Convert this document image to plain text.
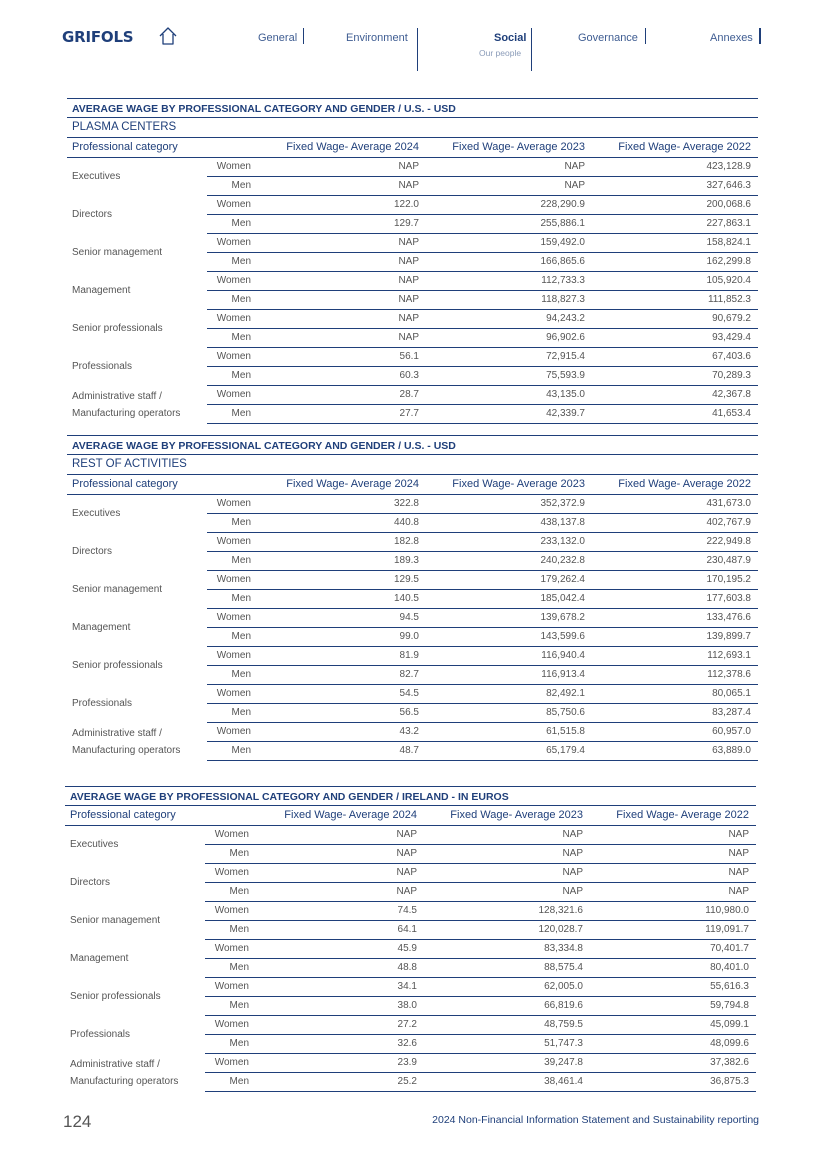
GRIFOLS	General	Environment	Social
Our people
Governance	Annexes
AVERAGE WAGE BY PROFESSIONAL CATEGORY AND GENDER / U.S. - USD
PLASMA CENTERS
Professional category	Fixed Wage- Average 2024	Fixed Wage- Average 2023	Fixed Wage- Average 2022
Executives
Women	NAP	NAP	423,128.9
Men	NAP	NAP	327,646.3
Directors
Women	122.0	228,290.9	200,068.6
Men	129.7	255,886.1	227,863.1
Senior management
Women	NAP	159,492.0	158,824.1
Men	NAP	166,865.6	162,299.8
Management
Women	NAP	112,733.3	105,920.4
Men	NAP	118,827.3	111,852.3
Senior professionals
Women	NAP	94,243.2	90,679.2
Men	NAP	96,902.6	93,429.4
Professionals
Women	56.1	72,915.4	67,403.6
Men	60.3	75,593.9	70,289.3
Administrative staff /
Manufacturing operators
Women	28.7	43,135.0	42,367.8
Men	27.7	42,339.7	41,653.4
AVERAGE WAGE BY PROFESSIONAL CATEGORY AND GENDER / U.S. - USD
REST OF ACTIVITIES
Professional category	Fixed Wage- Average 2024	Fixed Wage- Average 2023	Fixed Wage- Average 2022
Executives
Women	322.8	352,372.9	431,673.0
Men	440.8	438,137.8	402,767.9
Directors
Women	182.8	233,132.0	222,949.8
Men	189.3	240,232.8	230,487.9
Senior management
Women	129.5	179,262.4	170,195.2
Men	140.5	185,042.4	177,603.8
Management
Women	94.5	139,678.2	133,476.6
Men	99.0	143,599.6	139,899.7
Senior professionals
Women	81.9	116,940.4	112,693.1
Men	82.7	116,913.4	112,378.6
Professionals
Women	54.5	82,492.1	80,065.1
Men	56.5	85,750.6	83,287.4
Administrative staff /
Manufacturing operators
Women	43.2	61,515.8	60,957.0
Men	48.7	65,179.4	63,889.0
AVERAGE WAGE BY PROFESSIONAL CATEGORY AND GENDER / IRELAND - IN EUROS
Professional category	Fixed Wage- Average 2024	Fixed Wage- Average 2023	Fixed Wage- Average 2022
Executives
Women	NAP	NAP	NAP
Men	NAP	NAP	NAP
Directors
Women	NAP	NAP	NAP
Men	NAP	NAP	NAP
Senior management
Women	74.5	128,321.6	110,980.0
Men	64.1	120,028.7	119,091.7
Management
Women	45.9	83,334.8	70,401.7
Men	48.8	88,575.4	80,401.0
Senior professionals
Women	34.1	62,005.0	55,616.3
Men	38.0	66,819.6	59,794.8
Professionals
Women	27.2	48,759.5	45,099.1
Men	32.6	51,747.3	48,099.6
Administrative staff /
Manufacturing operators
Women	23.9	39,247.8	37,382.6
Men	25.2	38,461.4	36,875.3
124	2024 Non-Financial Information Statement and Sustainability reporting
